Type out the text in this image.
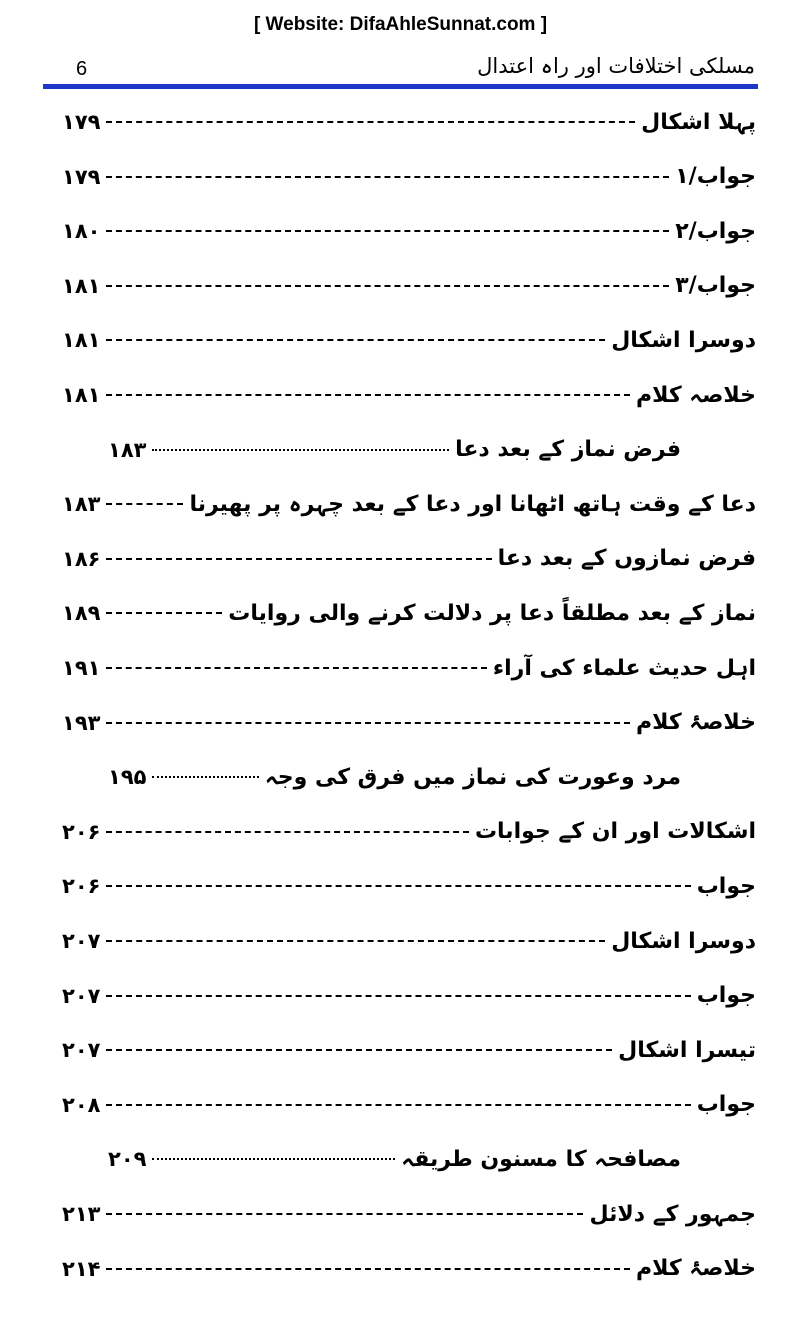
[ Website: DifaAhleSunnat.com ]
6	مسلکی اختلافات اور راہ اعتدال
پہلا اشکال
۱۷۹
جواب/۱
۱۷۹
جواب/۲
۱۸۰
جواب/۳
۱۸۱
دوسرا اشکال
۱۸۱
خلاصہ کلام
۱۸۱
فرض نماز کے بعد دعا
۱۸۳
دعا کے وقت ہاتھ اٹھانا اور دعا کے بعد چہرہ پر پھیرنا
۱۸۳
فرض نمازوں کے بعد دعا
۱۸۶
نماز کے بعد مطلقاً دعا پر دلالت کرنے والی روایات
۱۸۹
اہل حدیث علماء کی آراء
۱۹۱
خلاصۂ کلام
۱۹۳
مرد وعورت کی نماز میں فرق کی وجہ
۱۹۵
اشکالات اور ان کے جوابات
۲۰۶
جواب
۲۰۶
دوسرا اشکال
۲۰۷
جواب
۲۰۷
تیسرا اشکال
۲۰۷
جواب
۲۰۸
مصافحہ کا مسنون طریقہ
۲۰۹
جمہور کے دلائل
۲۱۳
خلاصۂ کلام
۲۱۴
